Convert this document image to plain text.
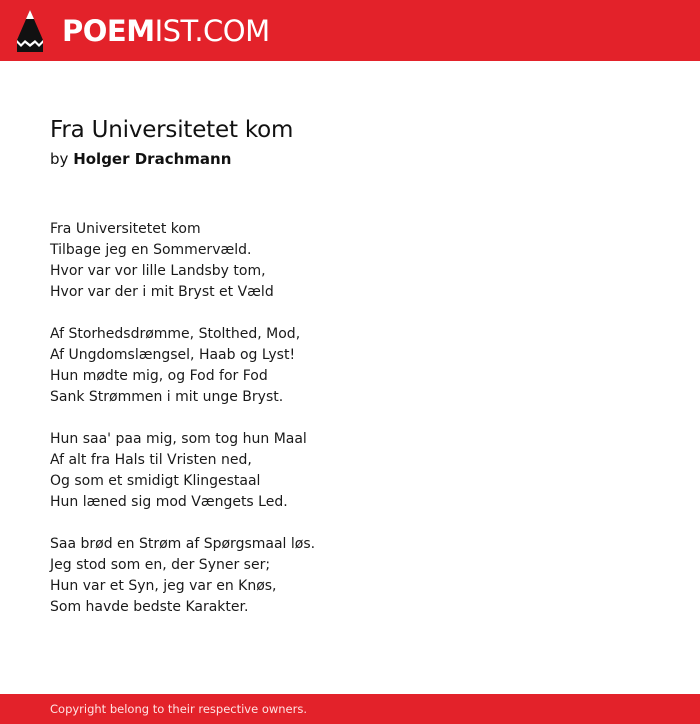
POEM IST.COM
Fra Universitetet kom
by Holger Drachmann
Fra Universitetet kom
Tilbage jeg en Sommervæld.
Hvor var vor lille Landsby tom,
Hvor var der i mit Bryst et Væld
Af Storhedsdrømme, Stolthed, Mod,
Af Ungdomslængsel, Haab og Lyst!
Hun mødte mig, og Fod for Fod
Sank Strømmen i mit unge Bryst.
Hun saa' paa mig, som tog hun Maal
Af alt fra Hals til Vristen ned,
Og som et smidigt Klingestaal
Hun læned sig mod Vængets Led.
Saa brød en Strøm af Spørgsmaal løs.
Jeg stod som en, der Syner ser;
Hun var et Syn, jeg var en Knøs,
Som havde bedste Karakter.
Copyright belong to their respective owners.
